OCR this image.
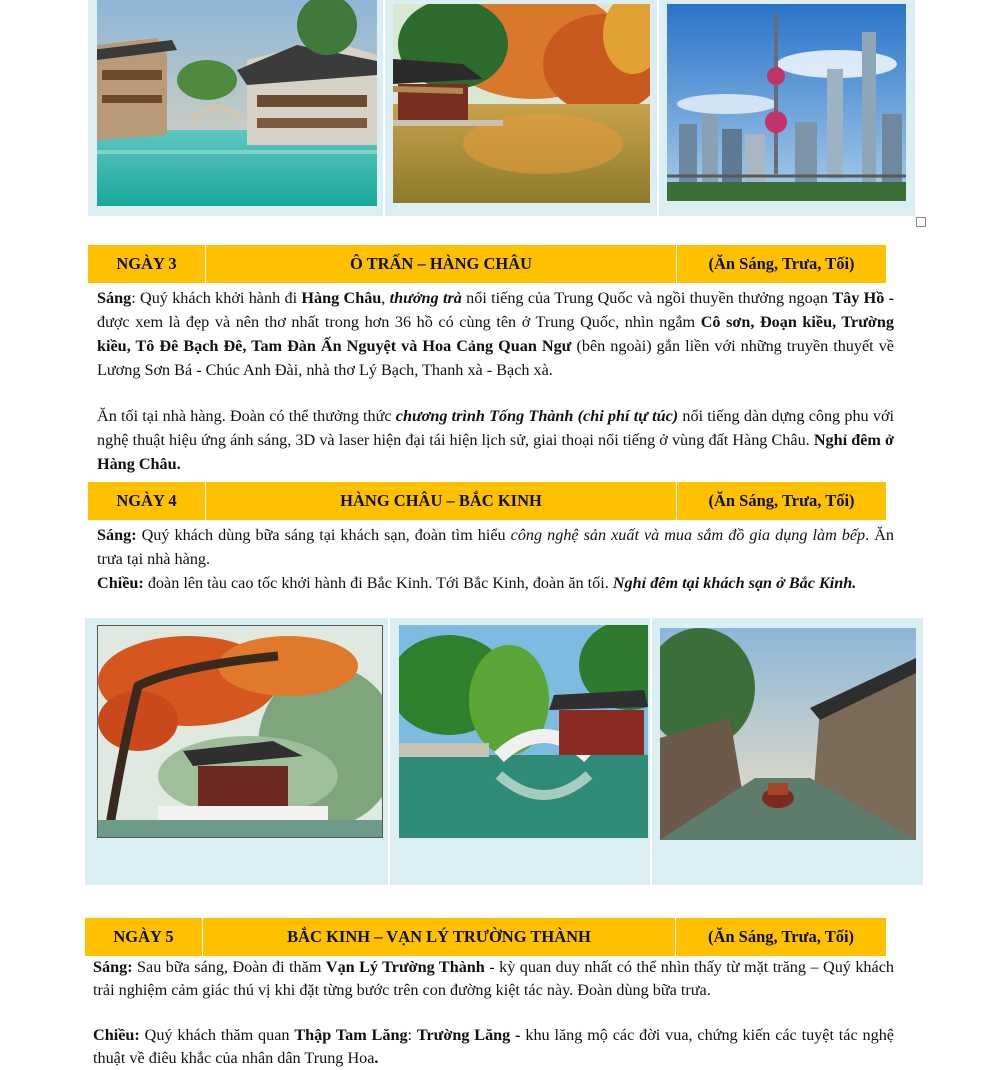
NGÀY 3	Ô TRẤN – HÀNG CHÂU	(Ăn Sáng, Trưa, Tối)

Sáng: Quý khách khởi hành đi Hàng Châu, thưởng trà nổi tiếng của Trung Quốc và ngồi thuyền thưởng ngoạn Tây Hồ - được xem là đẹp và nên thơ nhất trong hơn 36 hồ có cùng tên ở Trung Quốc, nhìn ngắm Cô sơn, Đoạn kiều, Trường kiều, Tô Đê Bạch Đê, Tam Đàn Ấn Nguyệt và Hoa Cảng Quan Ngư (bên ngoài) gắn liền với những truyền thuyết về Lương Sơn Bá - Chúc Anh Đài, nhà thơ Lý Bạch, Thanh xà - Bạch xà.

Ăn tối tại nhà hàng. Đoàn có thể thưởng thức chương trình Tống Thành (chi phí tự túc) nổi tiếng dàn dựng công phu với nghệ thuật hiệu ứng ánh sáng, 3D và laser hiện đại tái hiện lịch sử, giai thoại nổi tiếng ở vùng đất Hàng Châu. Nghỉ đêm ở Hàng Châu.

NGÀY 4	HÀNG CHÂU – BẮC KINH	(Ăn Sáng, Trưa, Tối)

Sáng: Quý khách dùng bữa sáng tại khách sạn, đoàn tìm hiểu công nghệ sản xuất và mua sắm đồ gia dụng làm bếp. Ăn trưa tại nhà hàng.

Chiều: đoàn lên tàu cao tốc khởi hành đi Bắc Kinh. Tới Bắc Kinh, đoàn ăn tối. Nghỉ đêm tại khách sạn ở Bắc Kinh.

NGÀY 5	BẮC KINH – VẠN LÝ TRƯỜNG THÀNH	(Ăn Sáng, Trưa, Tối)

Sáng: Sau bữa sáng, Đoàn đi thăm Vạn Lý Trường Thành - kỳ quan duy nhất có thể nhìn thấy từ mặt trăng – Quý khách trải nghiệm cảm giác thú vị khi đặt từng bước trên con đường kiệt tác này. Đoàn dùng bữa trưa.

Chiều: Quý khách thăm quan Thập Tam Lăng: Trường Lăng - khu lăng mộ các đời vua, chứng kiến các tuyệt tác nghệ thuật về điêu khắc của nhân dân Trung Hoa.
